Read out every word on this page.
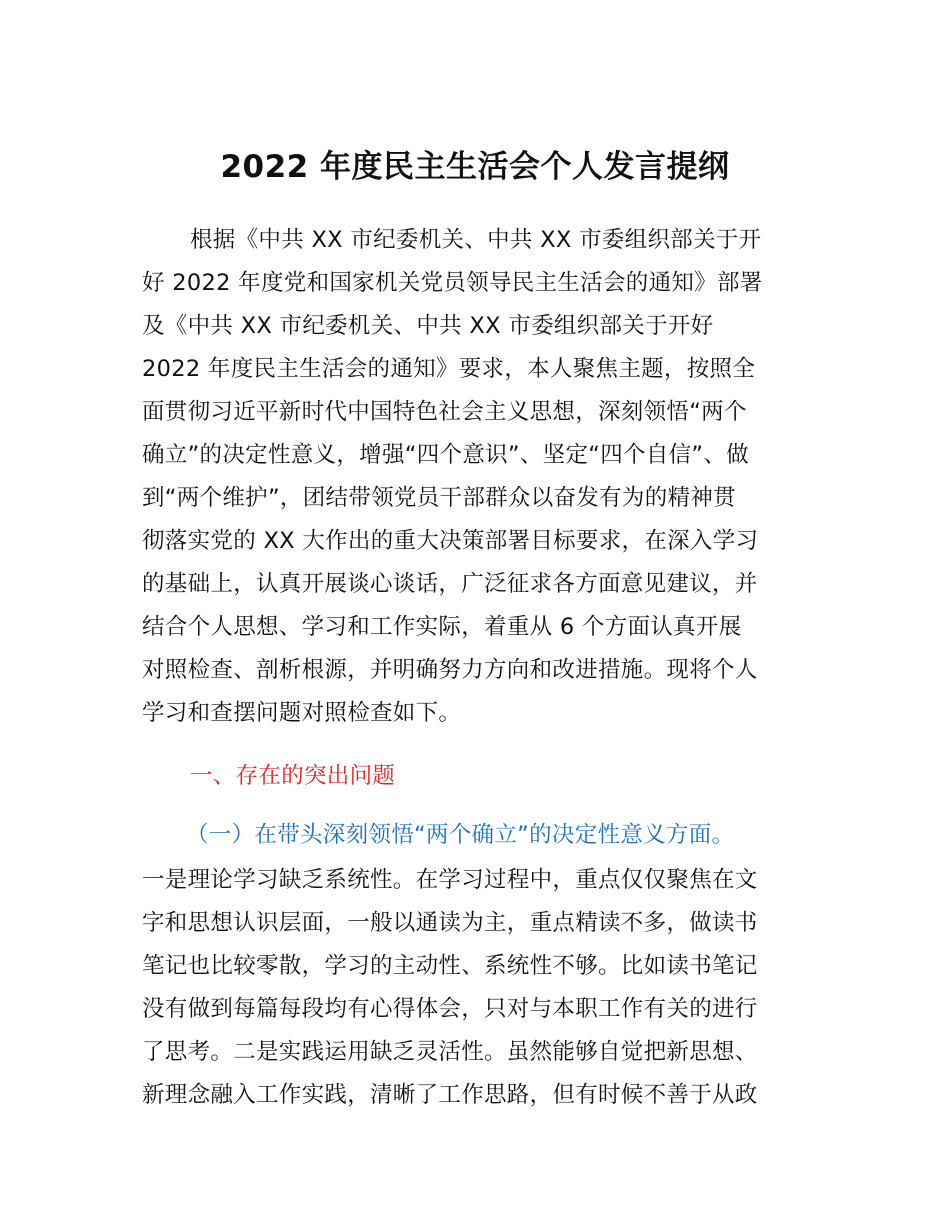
2022 年度民主生活会个人发言提纲
根据《中共 XX 市纪委机关、中共 XX 市委组织部关于开
好 2022 年度党和国家机关党员领导民主生活会的通知》部署
及《中共 XX 市纪委机关、中共 XX 市委组织部关于开好
2022 年度民主生活会的通知》要求，本人聚焦主题，按照全
面贯彻习近平新时代中国特色社会主义思想，深刻领悟“两个
确立”的决定性意义，增强“四个意识”、坚定“四个自信”、做
到“两个维护”，团结带领党员干部群众以奋发有为的精神贯
彻落实党的 XX 大作出的重大决策部署目标要求，在深入学习
的基础上，认真开展谈心谈话，广泛征求各方面意见建议，并
结合个人思想、学习和工作实际，着重从 6 个方面认真开展
对照检查、剖析根源，并明确努力方向和改进措施。现将个人
学习和查摆问题对照检查如下。
一、存在的突出问题
（一）在带头深刻领悟“两个确立”的决定性意义方面。
一是理论学习缺乏系统性。在学习过程中，重点仅仅聚焦在文
字和思想认识层面，一般以通读为主，重点精读不多，做读书
笔记也比较零散，学习的主动性、系统性不够。比如读书笔记
没有做到每篇每段均有心得体会，只对与本职工作有关的进行
了思考。二是实践运用缺乏灵活性。虽然能够自觉把新思想、
新理念融入工作实践，清晰了工作思路，但有时候不善于从政
